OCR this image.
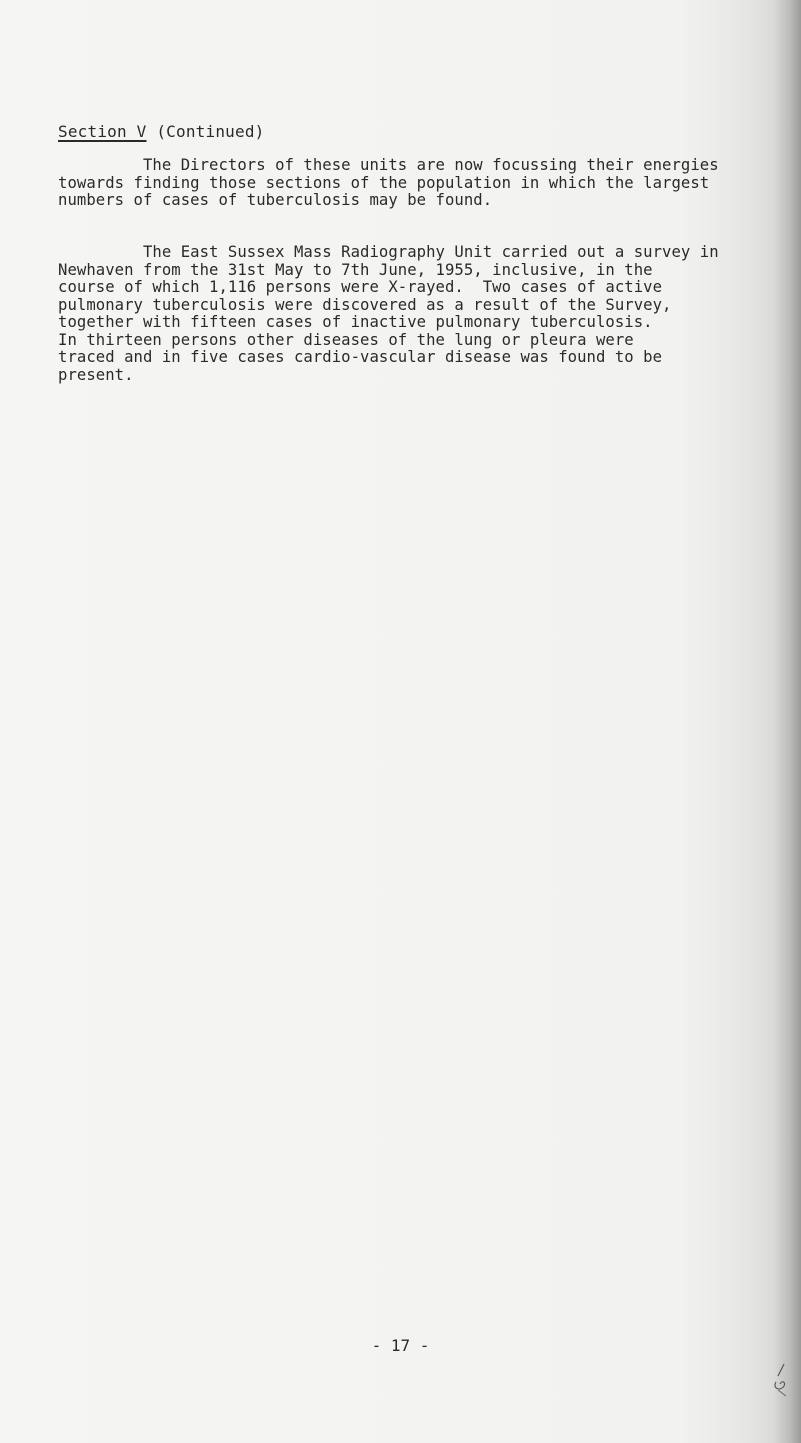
Section V (Continued)
The Directors of these units are now focussing their energies
towards finding those sections of the population in which the largest
numbers of cases of tuberculosis may be found.
The East Sussex Mass Radiography Unit carried out a survey in
Newhaven from the 31st May to 7th June, 1955, inclusive, in the
course of which 1,116 persons were X-rayed.  Two cases of active
pulmonary tuberculosis were discovered as a result of the Survey,
together with fifteen cases of inactive pulmonary tuberculosis.
In thirteen persons other diseases of the lung or pleura were
traced and in five cases cardio-vascular disease was found to be
present.
- 17 -
